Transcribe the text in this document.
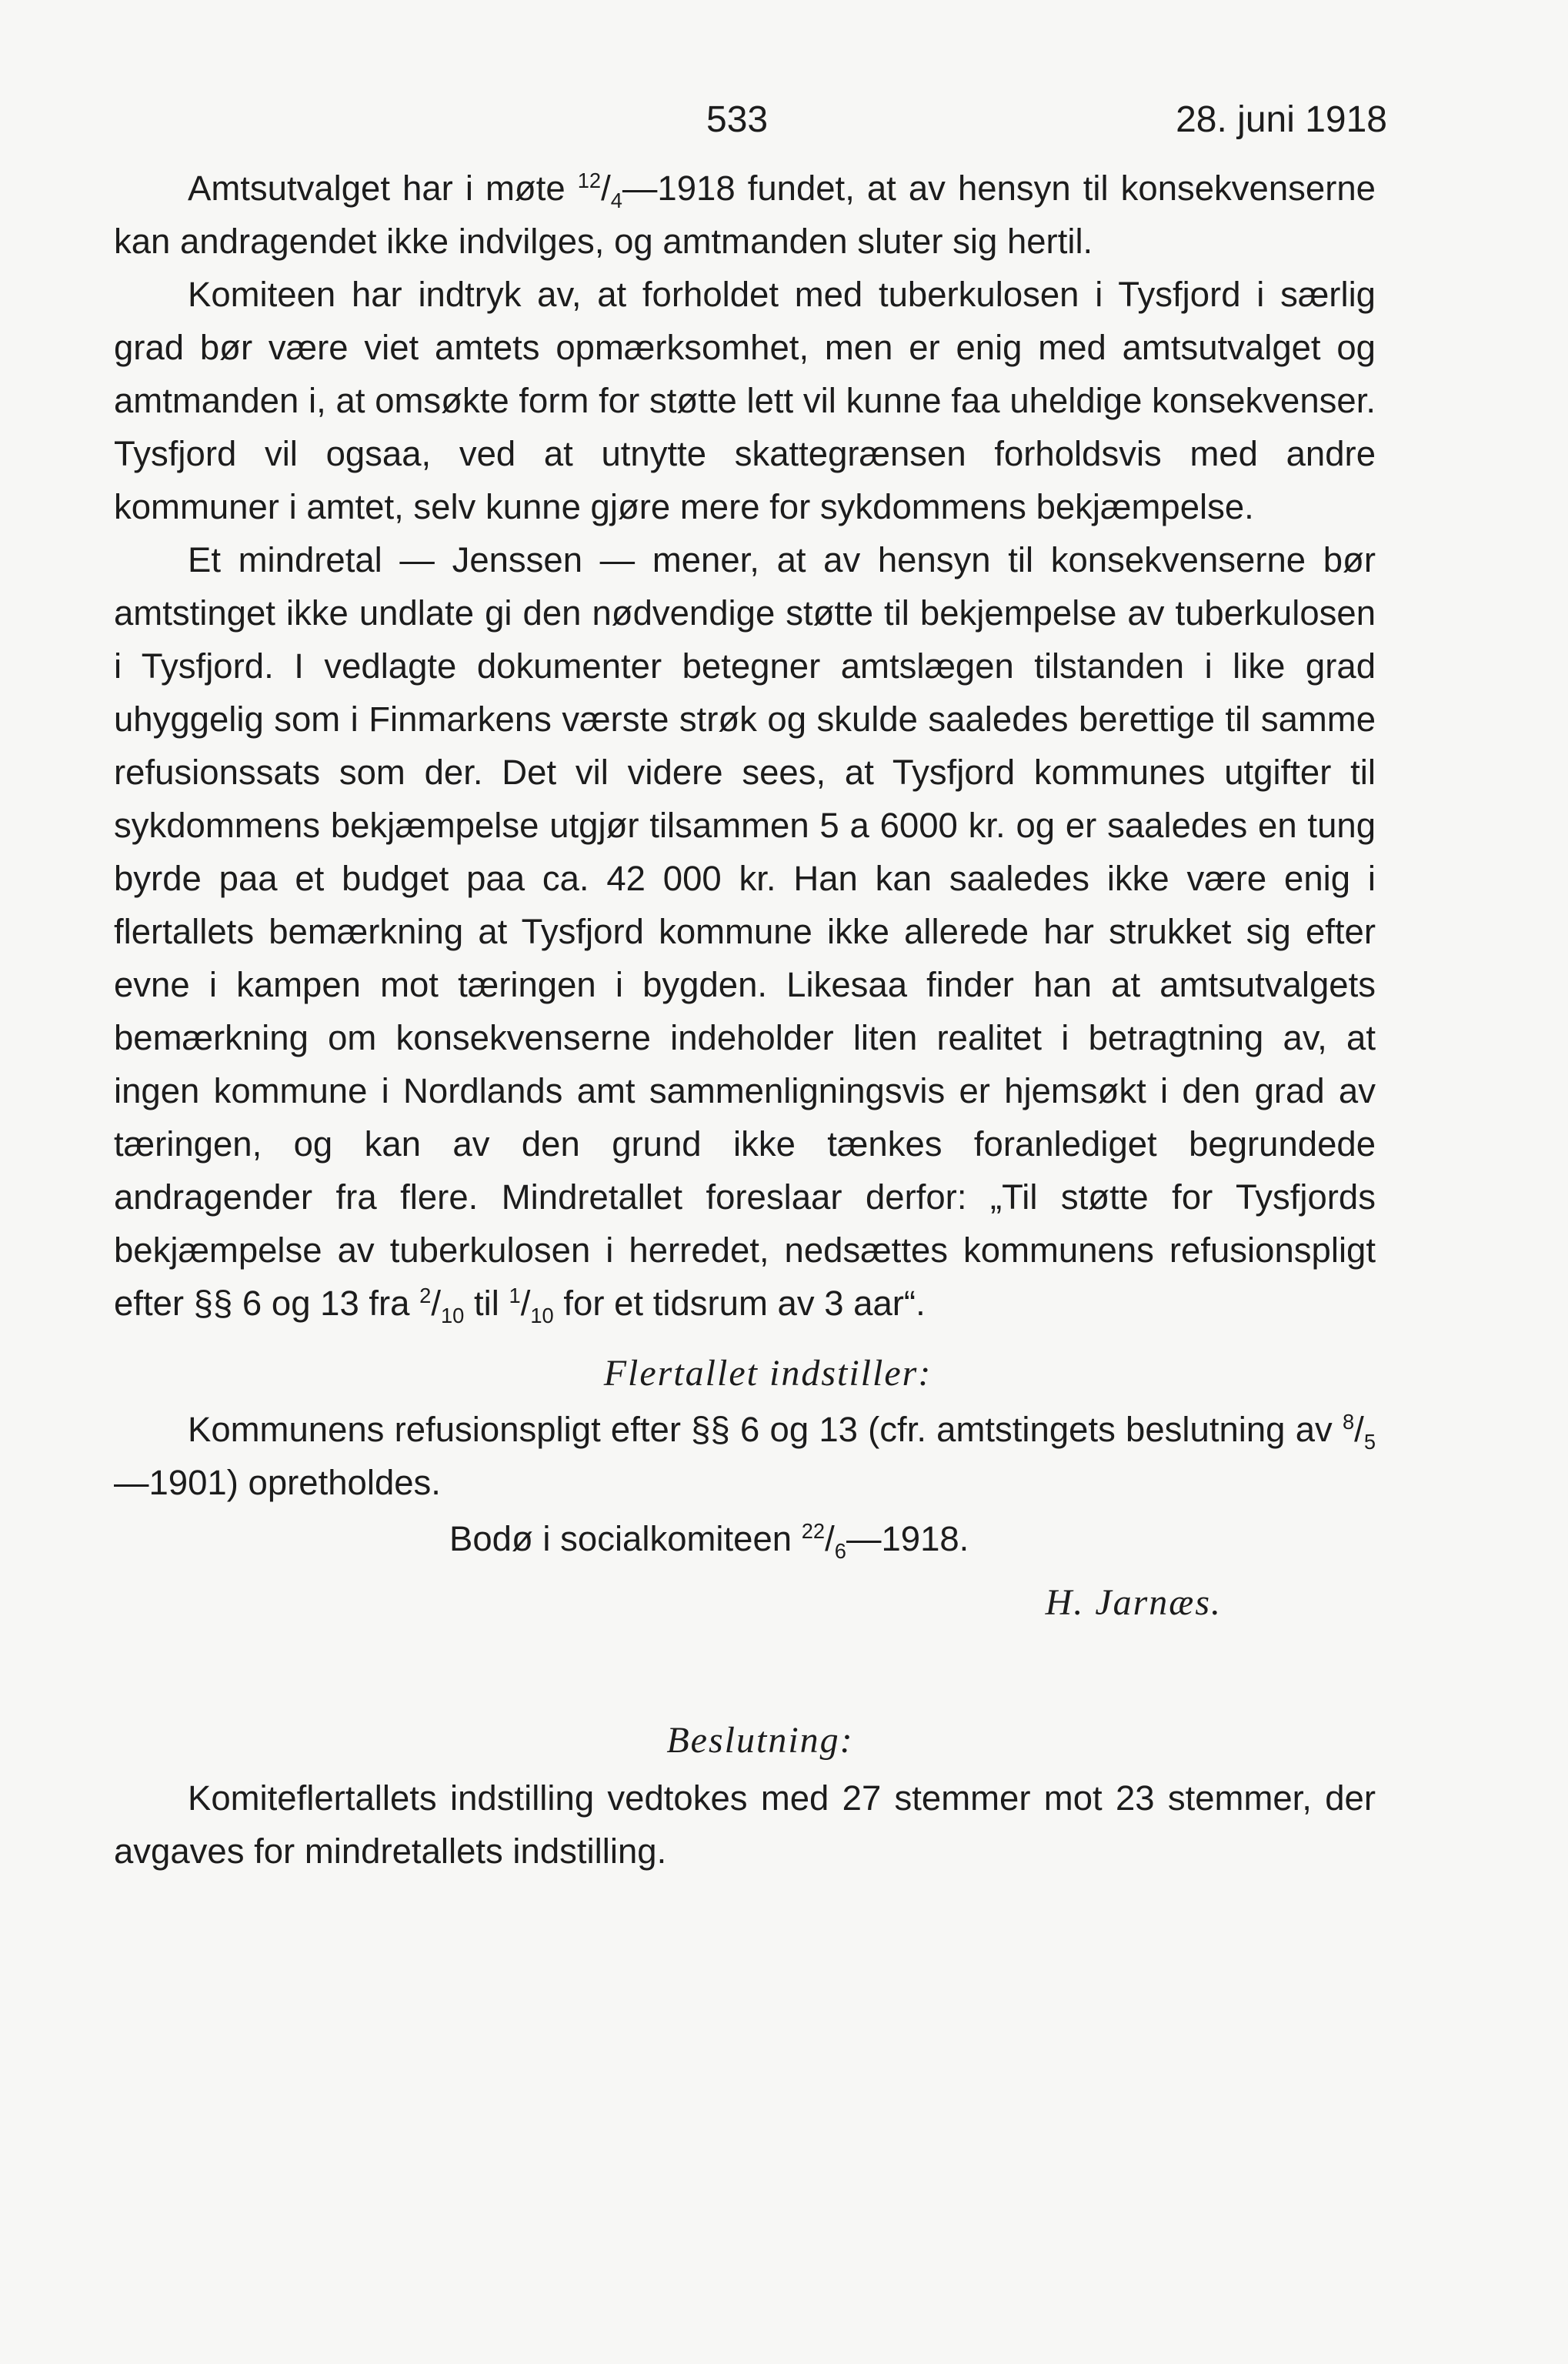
533	28. juni 1918

Amtsutvalget har i møte $^{12}/_4—1918$ fundet, at av hensyn til konsekvenserne kan andragendet ikke indvilges, og amtmanden sluter sig hertil.

Komiteen har indtryk av, at forholdet med tuberkulosen i Tysfjord i særlig grad bør være viet amtets opmærksomhet, men er enig med amtsutvalget og amtmanden i, at omsøkte form for støtte lett vil kunne faa uheldige konsekvenser. Tysfjord vil ogsaa, ved at utnytte skattegrænsen forholdsvis med andre kommuner i amtet, selv kunne gjøre mere for sykdommens bekjæmpelse.

Et mindretal — Jenssen — mener, at av hensyn til konsekvenserne bør amtstinget ikke undlate gi den nødvendige støtte til bekjempelse av tuberkulosen i Tysfjord. I vedlagte dokumenter betegner amtslægen tilstanden i like grad uhyggelig som i Finmarkens værste strøk og skulde saaledes berettige til samme refusionssats som der. Det vil videre sees, at Tysfjord kommunes utgifter til sykdommens bekjæmpelse utgjør tilsammen 5 a 6000 kr. og er saaledes en tung byrde paa et budget paa ca. 42 000 kr. Han kan saaledes ikke være enig i flertallets bemærkning at Tysfjord kommune ikke allerede har strukket sig efter evne i kampen mot tæringen i bygden. Likesaa finder han at amtsutvalgets bemærkning om konsekvenserne indeholder liten realitet i betragtning av, at ingen kommune i Nordlands amt sammenligningsvis er hjemsøkt i den grad av tæringen, og kan av den grund ikke tænkes foranlediget begrundede andragender fra flere. Mindretallet foreslaar derfor: „Til støtte for Tysfjords bekjæmpelse av tuberkulosen i herredet, nedsættes kommunens refusionspligt efter §§ 6 og 13 fra $^2/_{10}$ til $^1/_{10}$ for et tidsrum av 3 aar“.

Flertallet indstiller:

Kommunens refusionspligt efter §§ 6 og 13 (cfr. amtstingets beslutning av $^8/_5—1901$) opretholdes.

Bodø i socialkomiteen $^{22}/_6—1918$.

H. Jarnæs.
Beslutning:

Komiteflertallets indstilling vedtokes med 27 stemmer mot 23 stemmer, der avgaves for mindretallets indstilling.
